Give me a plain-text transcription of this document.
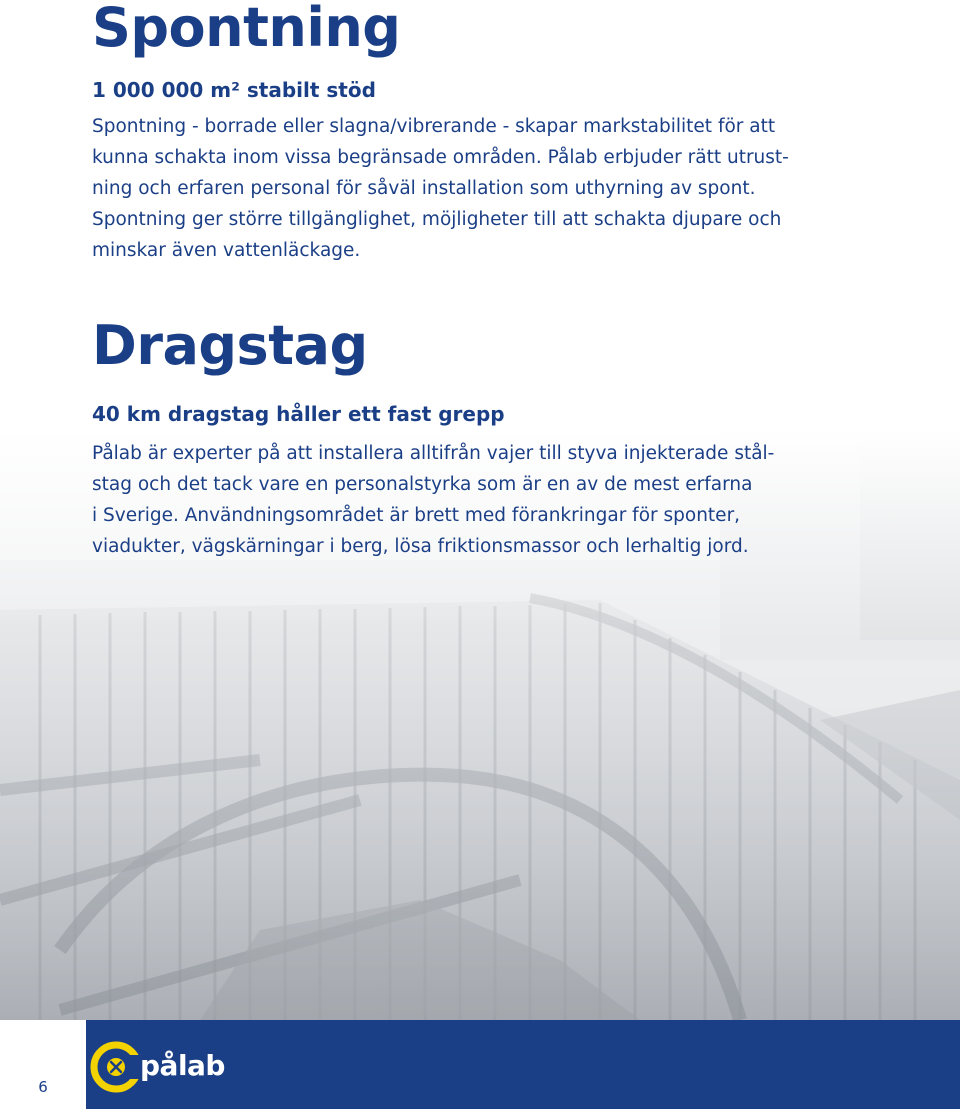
Spontning
1 000 000 m² stabilt stöd

Spontning - borrade eller slagna/vibrerande - skapar markstabilitet för att
kunna schakta inom vissa begränsade områden. Pålab erbjuder rätt utrust-
ning och erfaren personal för såväl installation som uthyrning av spont.
Spontning ger större tillgänglighet, möjligheter till att schakta djupare och
minskar även vattenläckage.

Dragstag
40 km dragstag håller ett fast grepp

Pålab är experter på att installera alltifrån vajer till styva injekterade stål-
stag och det tack vare en personalstyrka som är en av de mest erfarna
i Sverige. Användningsområdet är brett med förankringar för sponter,
viadukter, vägskärningar i berg, lösa friktionsmassor och lerhaltig jord.

6
pålab
